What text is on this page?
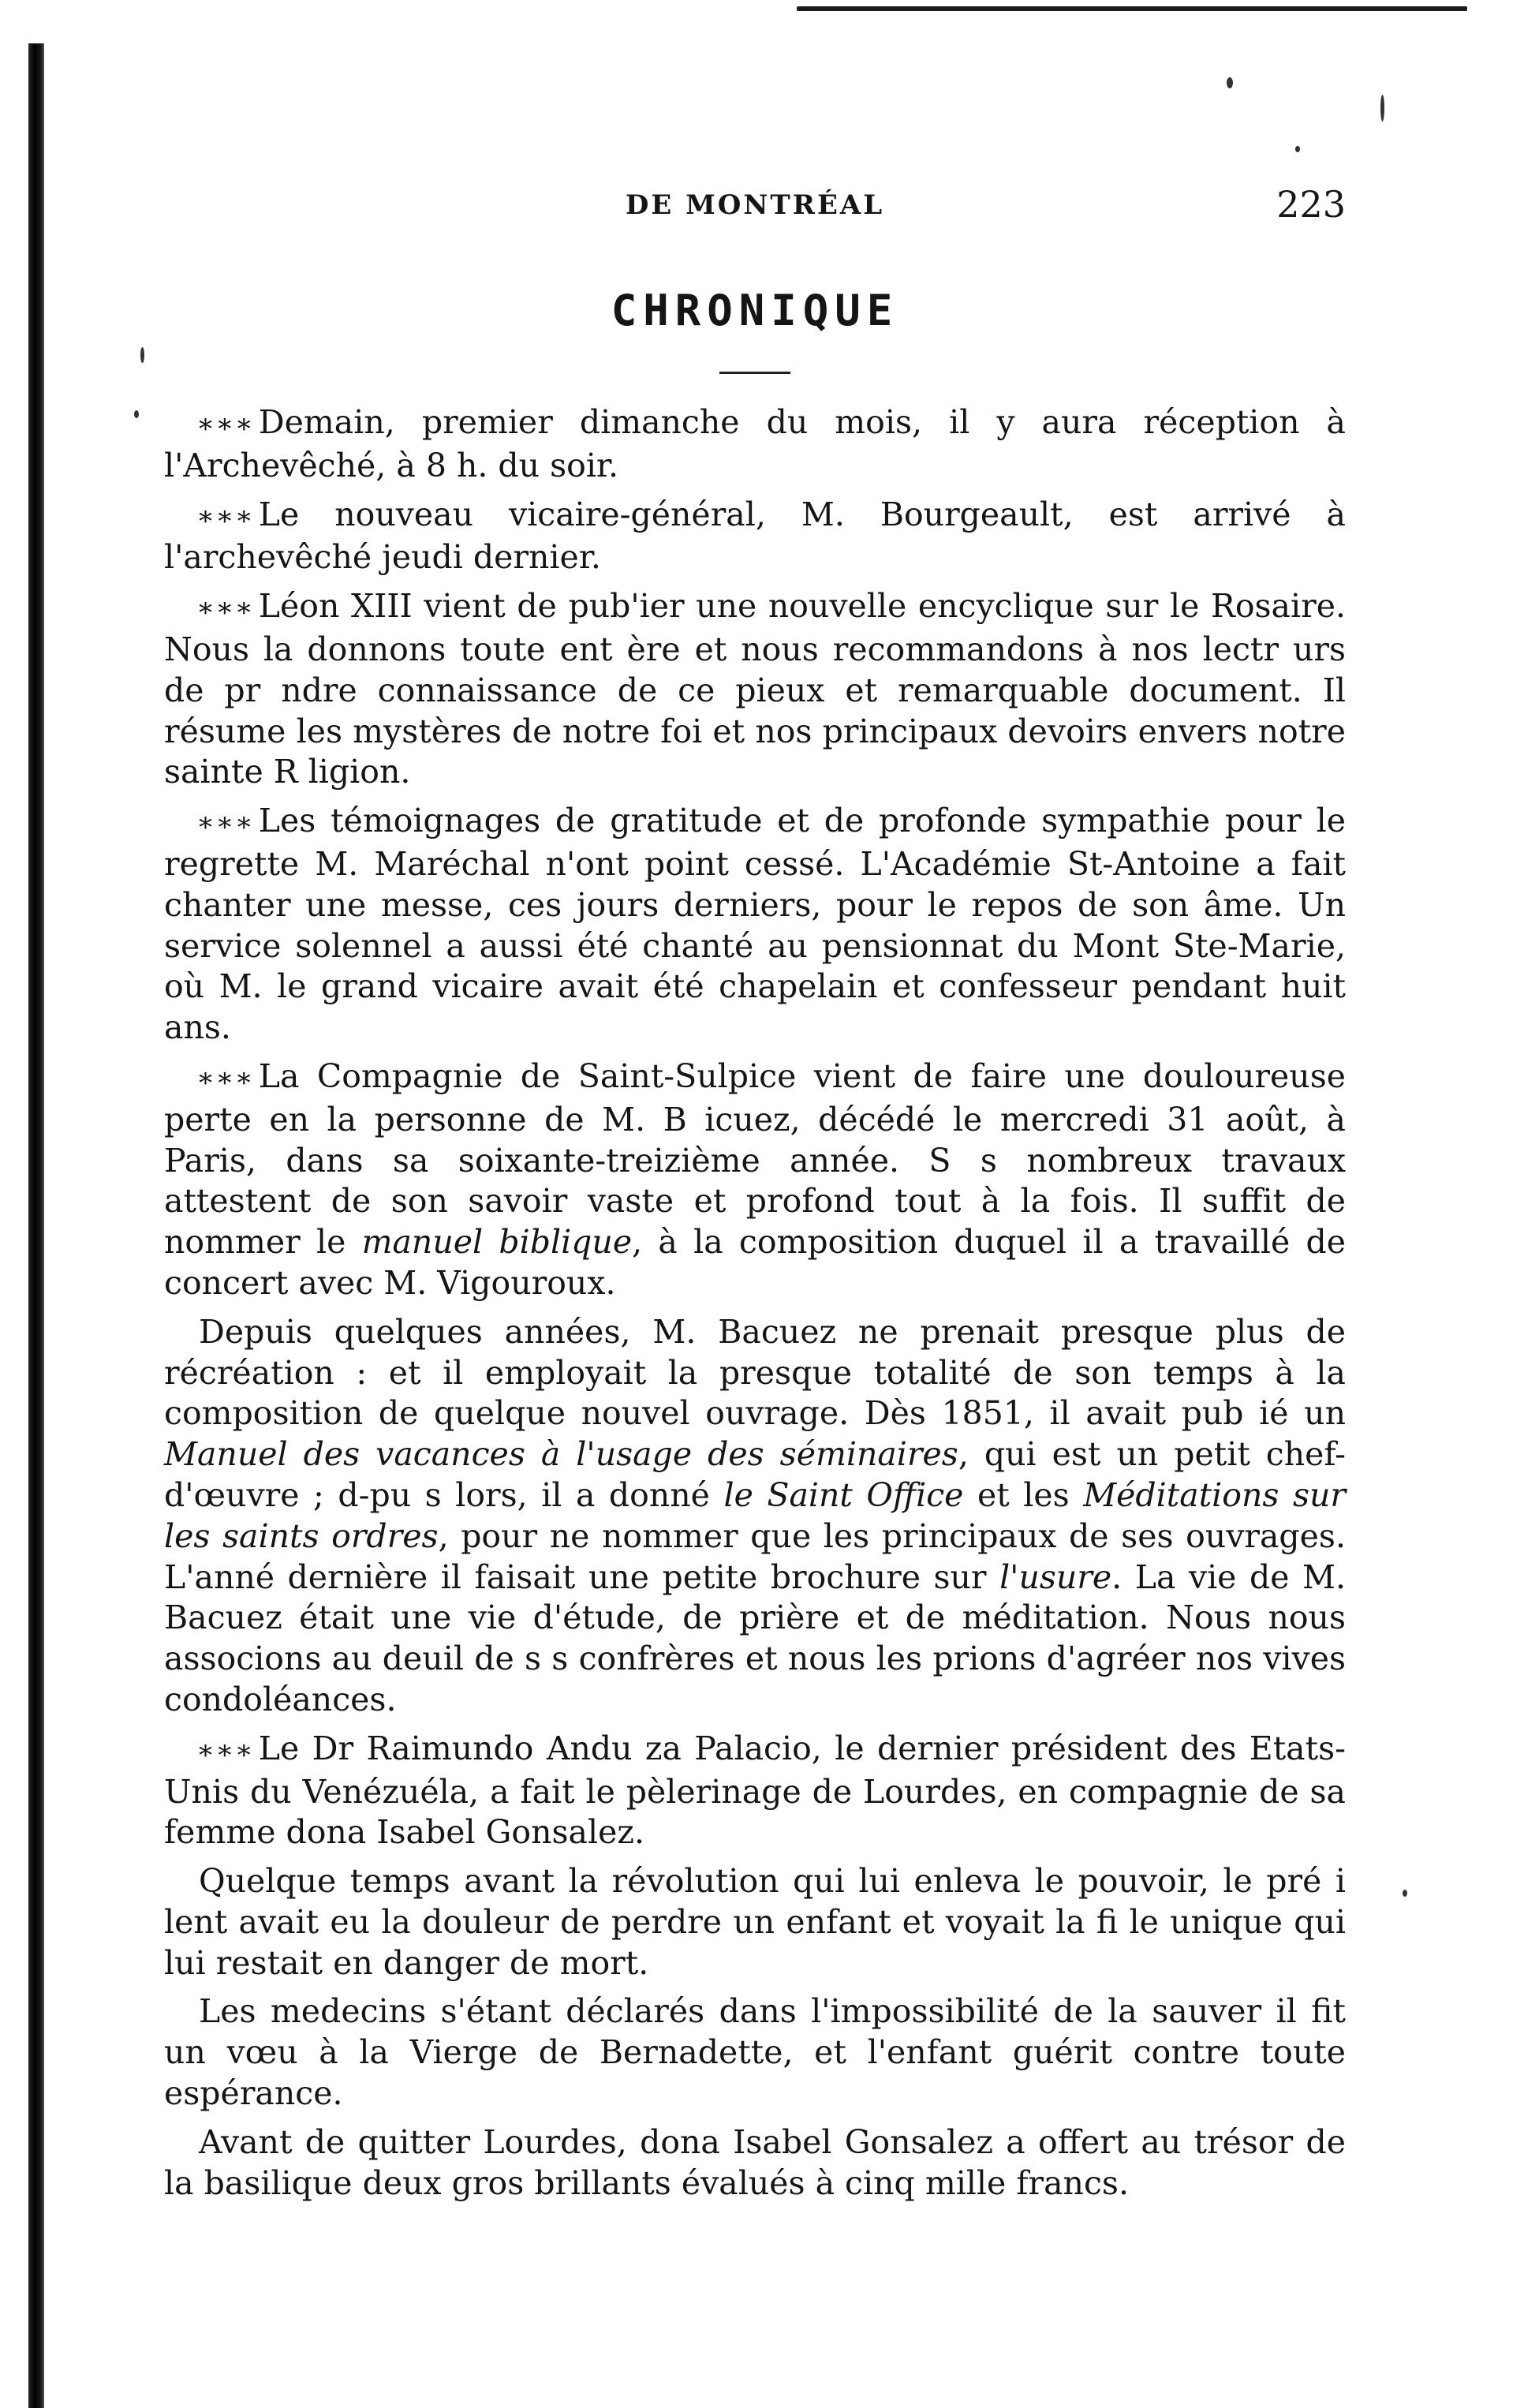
DE MONTRÉAL	223
CHRONIQUE

* * * Demain, premier dimanche du mois, il y aura réception à l'Archevêché, à 8 h. du soir.

* * * Le nouveau vicaire-général, M. Bourgeault, est arrivé à l'archevêché jeudi dernier.

* * * Léon XIII vient de pub'ier une nouvelle encyclique sur le Rosaire. Nous la donnons toute ent ère et nous recommandons à nos lectr urs de pr ndre connaissance de ce pieux et remarquable document. Il résume les mystères de notre foi et nos principaux devoirs envers notre sainte R ligion.

* * * Les témoignages de gratitude et de profonde sympathie pour le regrette M. Maréchal n'ont point cessé. L'Académie St-Antoine a fait chanter une messe, ces jours derniers, pour le repos de son âme. Un service solennel a aussi été chanté au pensionnat du Mont Ste-Marie, où M. le grand vicaire avait été chapelain et confesseur pendant huit ans.

* * * La Compagnie de Saint-Sulpice vient de faire une douloureuse perte en la personne de M. B icuez, décédé le mercredi 31 août, à Paris, dans sa soixante-treizième année. S s nombreux travaux attestent de son savoir vaste et profond tout à la fois. Il suffit de nommer le manuel biblique, à la composition duquel il a travaillé de concert avec M. Vigouroux.

Depuis quelques années, M. Bacuez ne prenait presque plus de récréation : et il employait la presque totalité de son temps à la composition de quelque nouvel ouvrage. Dès 1851, il avait pub ié un Manuel des vacances à l'usage des séminaires, qui est un petit chef-d'œuvre ; d-pu s lors, il a donné le Saint Office et les Méditations sur les saints ordres, pour ne nommer que les principaux de ses ouvrages. L'anné dernière il faisait une petite brochure sur l'usure. La vie de M. Bacuez était une vie d'étude, de prière et de méditation. Nous nous associons au deuil de s s confrères et nous les prions d'agréer nos vives condoléances.

* * * Le Dr Raimundo Andu za Palacio, le dernier président des Etats-Unis du Venézuéla, a fait le pèlerinage de Lourdes, en compagnie de sa femme dona Isabel Gonsalez.

Quelque temps avant la révolution qui lui enleva le pouvoir, le pré i lent avait eu la douleur de perdre un enfant et voyait la fi le unique qui lui restait en danger de mort.

Les medecins s'étant déclarés dans l'impossibilité de la sauver il fit un vœu à la Vierge de Bernadette, et l'enfant guérit contre toute espérance.

Avant de quitter Lourdes, dona Isabel Gonsalez a offert au trésor de la basilique deux gros brillants évalués à cinq mille francs.
